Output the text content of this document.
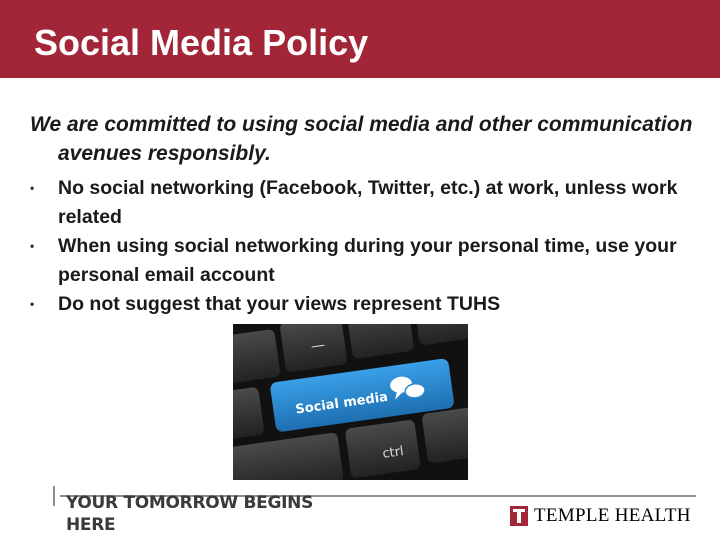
Social Media Policy

We are committed to using social media and other communication avenues responsibly.

• No social networking (Facebook, Twitter, etc.) at work, unless work related
• When using social networking during your personal time, use your personal email account
• Do not suggest that your views represent TUHS
—
Social media
ctrl
YOUR TOMORROW BEGINS HERE	TEMPLE HEALTH
